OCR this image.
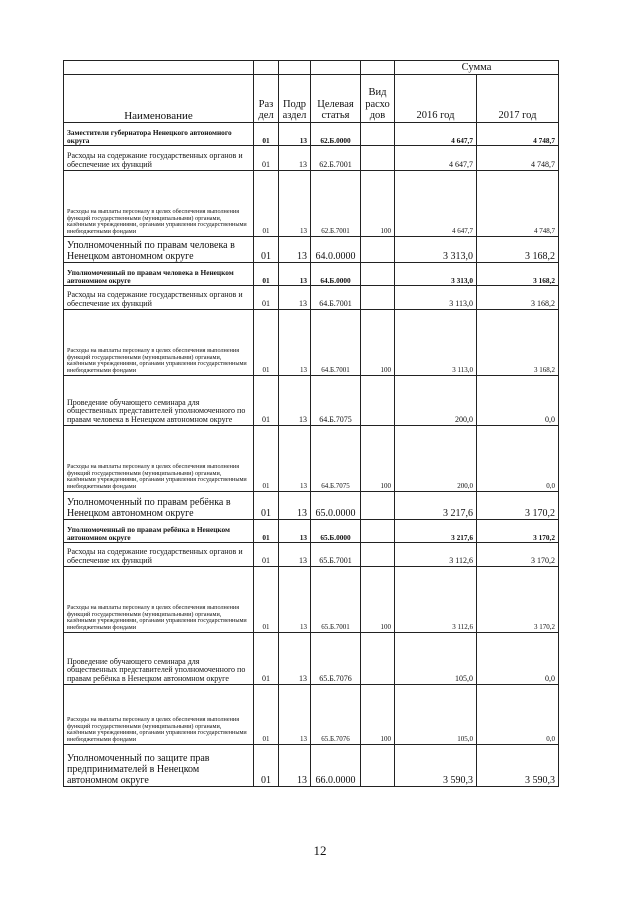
					Сумма	
Наименование	Раз дел	Подр аздел	Целевая статья	Вид расхо дов	2016 год	2017 год
Заместители губернатора Ненецкого автономного округа	01	13	62.Б.0000		4 647,7	4 748,7
Расходы на содержание государственных органов и обеспечение их функций	01	13	62.Б.7001		4 647,7	4 748,7
Расходы на выплаты персоналу в целях обеспечения выполнения функций государственными (муниципальными) органами, казёнными учреждениями, органами управления государственными внебюджетными фондами	01	13	62.Б.7001	100	4 647,7	4 748,7
Уполномоченный по правам человека в Ненецком автономном округе	01	13	64.0.0000		3 313,0	3 168,2
Уполномоченный по правам человека в Ненецком автономном округе	01	13	64.Б.0000		3 313,0	3 168,2
Расходы на содержание государственных органов и обеспечение их функций	01	13	64.Б.7001		3 113,0	3 168,2
Расходы на выплаты персоналу в целях обеспечения выполнения функций государственными (муниципальными) органами, казёнными учреждениями, органами управления государственными внебюджетными фондами	01	13	64.Б.7001	100	3 113,0	3 168,2
Проведение обучающего семинара для общественных представителей уполномоченного по правам человека в Ненецком автономном округе	01	13	64.Б.7075		200,0	0,0
Расходы на выплаты персоналу в целях обеспечения выполнения функций государственными (муниципальными) органами, казёнными учреждениями, органами управления государственными внебюджетными фондами	01	13	64.Б.7075	100	200,0	0,0
Уполномоченный по правам ребёнка в Ненецком автономном округе	01	13	65.0.0000		3 217,6	3 170,2
Уполномоченный по правам ребёнка в Ненецком автономном округе	01	13	65.Б.0000		3 217,6	3 170,2
Расходы на содержание государственных органов и обеспечение их функций	01	13	65.Б.7001		3 112,6	3 170,2
Расходы на выплаты персоналу в целях обеспечения выполнения функций государственными (муниципальными) органами, казёнными учреждениями, органами управления государственными внебюджетными фондами	01	13	65.Б.7001	100	3 112,6	3 170,2
Проведение обучающего семинара для общественных представителей уполномоченного по правам ребёнка в Ненецком автономном округе	01	13	65.Б.7076		105,0	0,0
Расходы на выплаты персоналу в целях обеспечения выполнения функций государственными (муниципальными) органами, казёнными учреждениями, органами управления государственными внебюджетными фондами	01	13	65.Б.7076	100	105,0	0,0
Уполномоченный по защите прав предпринимателей в Ненецком автономном округе	01	13	66.0.0000		3 590,3	3 590,3
12
